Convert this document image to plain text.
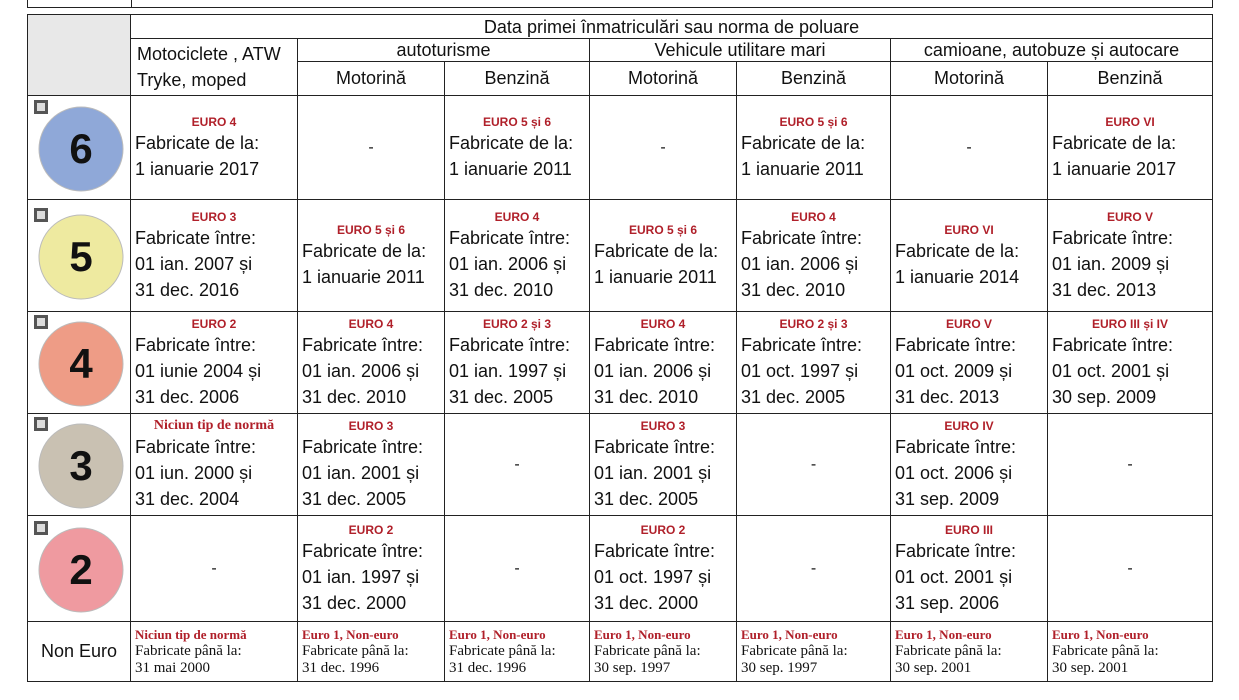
	Data primei înmatriculări sau norma de poluare						

	Motociclete , ATW
Tryke, moped	autoturisme		Vehicule utilitare mari		camioane, autobuze și autocare	
		Motorină	Benzină	Motorină	Benzină	Motorină	Benzină

6	EURO 4
Fabricate de la:
1 ianuarie 2017	-	EURO 5 și 6
Fabricate de la:
1 ianuarie 2011	-	EURO 5 și 6
Fabricate de la:
1 ianuarie 2011	-	EURO VI
Fabricate de la:
1 ianuarie 2017

5	EURO 3
Fabricate între:
01 ian. 2007 și
31 dec. 2016	EURO 5 și 6
Fabricate de la:
1 ianuarie 2011	EURO 4
Fabricate între:
01 ian. 2006 și
31 dec. 2010	EURO 5 și 6
Fabricate de la:
1 ianuarie 2011	EURO 4
Fabricate între:
01 ian. 2006 și
31 dec. 2010	EURO VI
Fabricate de la:
1 ianuarie 2014	EURO V
Fabricate între:
01 ian. 2009 și
31 dec. 2013

4	EURO 2
Fabricate între:
01 iunie 2004 și
31 dec. 2006	EURO 4
Fabricate între:
01 ian. 2006 și
31 dec. 2010	EURO 2 și 3
Fabricate între:
01 ian. 1997 și
31 dec. 2005	EURO 4
Fabricate între:
01 ian. 2006 și
31 dec. 2010	EURO 2 și 3
Fabricate între:
01 oct. 1997 și
31 dec. 2005	EURO V
Fabricate între:
01 oct. 2009 și
31 dec. 2013	EURO III și IV
Fabricate între:
01 oct. 2001 și
30 sep. 2009

3	Niciun tip de normă
Fabricate între:
01 iun. 2000 și
31 dec. 2004	EURO 3
Fabricate între:
01 ian. 2001 și
31 dec. 2005	-	EURO 3
Fabricate între:
01 ian. 2001 și
31 dec. 2005	-	EURO IV
Fabricate între:
01 oct. 2006 și
31 sep. 2009	-

2	-	EURO 2
Fabricate între:
01 ian. 1997 și
31 dec. 2000	-	EURO 2
Fabricate între:
01 oct. 1997 și
31 dec. 2000	-	EURO III
Fabricate între:
01 oct. 2001 și
31 sep. 2006	-

Non Euro	Niciun tip de normă
Fabricate până la:
31 mai 2000	Euro 1, Non-euro
Fabricate până la:
31 dec. 1996	Euro 1, Non-euro
Fabricate până la:
31 dec. 1996	Euro 1, Non-euro
Fabricate până la:
30 sep. 1997	Euro 1, Non-euro
Fabricate până la:
30 sep. 1997	Euro 1, Non-euro
Fabricate până la:
30 sep. 2001	Euro 1, Non-euro
Fabricate până la:
30 sep. 2001
